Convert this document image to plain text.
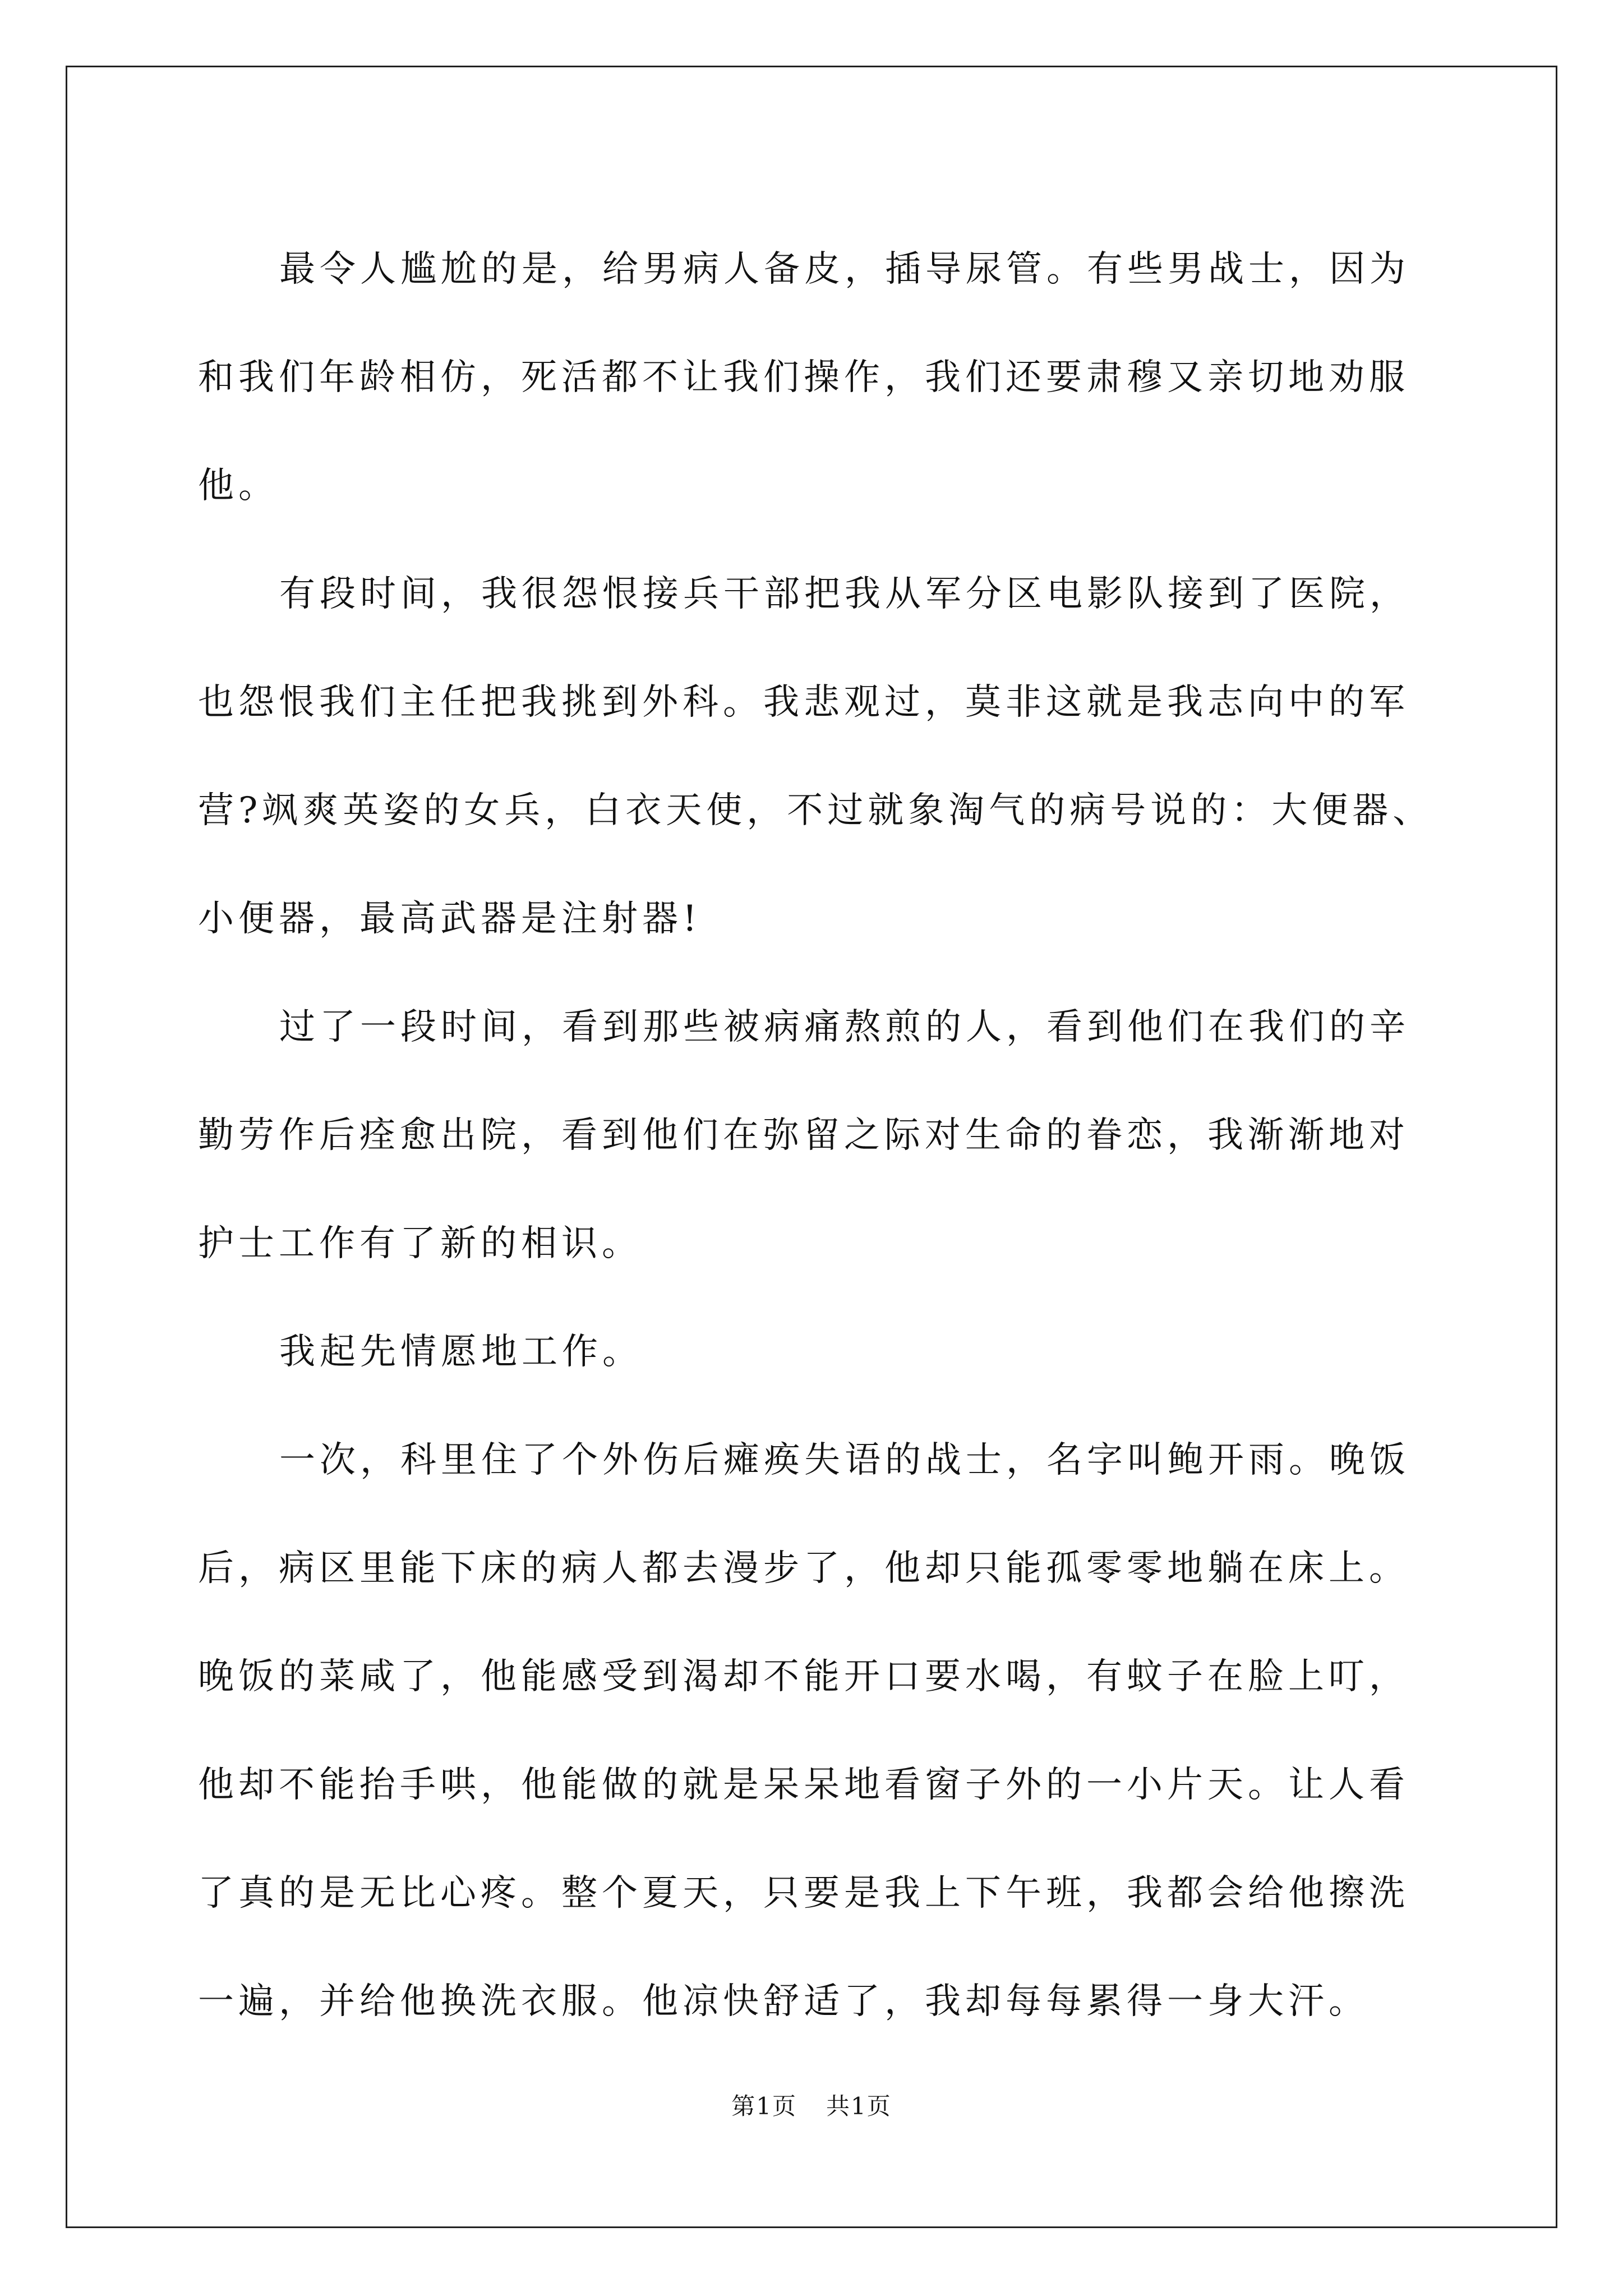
最令人尴尬的是，给男病人备皮，插导尿管。有些男战士，因为和我们年龄相仿，死活都不让我们操作，我们还要肃穆又亲切地劝服他。

有段时间，我很怨恨接兵干部把我从军分区电影队接到了医院，也怨恨我们主任把我挑到外科。我悲观过，莫非这就是我志向中的军营?飒爽英姿的女兵，白衣天使，不过就象淘气的病号说的：大便器、小便器，最高武器是注射器!

过了一段时间，看到那些被病痛熬煎的人，看到他们在我们的辛勤劳作后痊愈出院，看到他们在弥留之际对生命的眷恋，我渐渐地对护士工作有了新的相识。

我起先情愿地工作。

一次，科里住了个外伤后瘫痪失语的战士，名字叫鲍开雨。晚饭后，病区里能下床的病人都去漫步了，他却只能孤零零地躺在床上。晚饭的菜咸了，他能感受到渴却不能开口要水喝，有蚊子在脸上叮，他却不能抬手哄，他能做的就是呆呆地看窗子外的一小片天。让人看了真的是无比心疼。整个夏天，只要是我上下午班，我都会给他擦洗一遍，并给他换洗衣服。他凉快舒适了，我却每每累得一身大汗。

第1页 共1页
